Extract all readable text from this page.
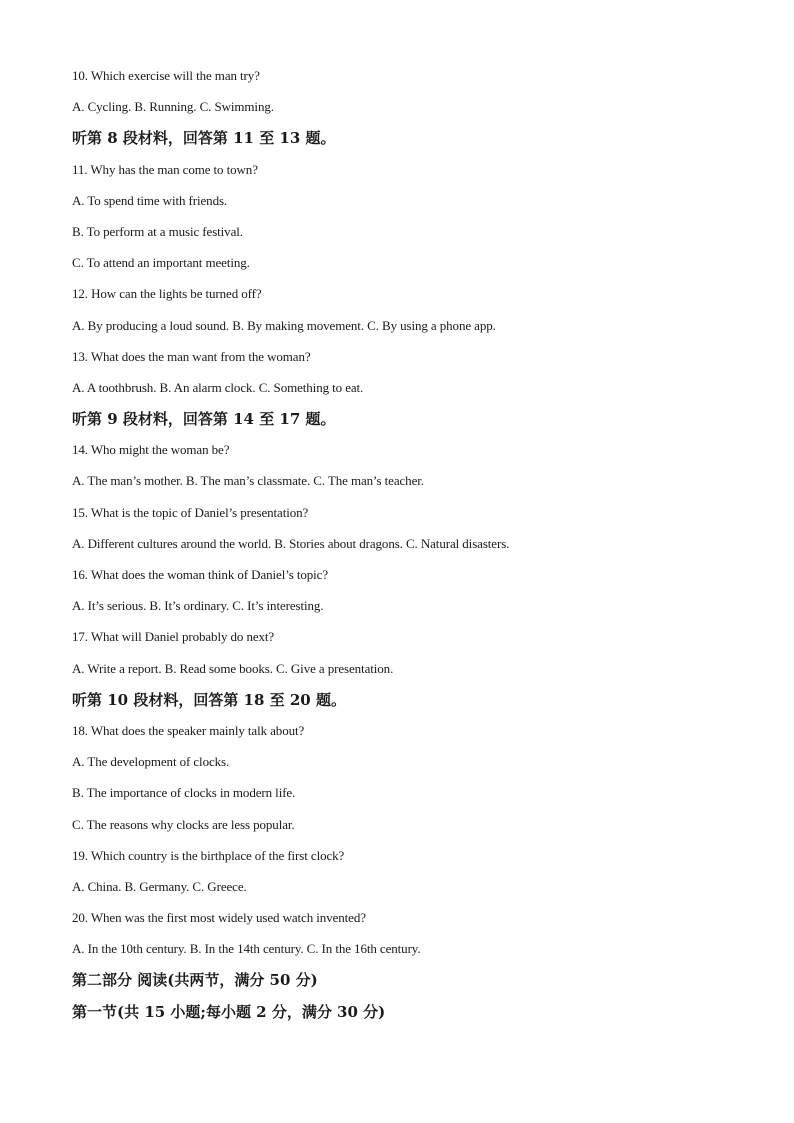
10. Which exercise will the man try?
A. Cycling. B. Running. C. Swimming.
听第 8 段材料，回答第 11 至 13 题。
11. Why has the man come to town?
A. To spend time with friends.
B. To perform at a music festival.
C. To attend an important meeting.
12. How can the lights be turned off?
A. By producing a loud sound. B. By making movement. C. By using a phone app.
13. What does the man want from the woman?
A. A toothbrush. B. An alarm clock. C. Something to eat.
听第 9 段材料，回答第 14 至 17 题。
14. Who might the woman be?
A. The man’s mother. B. The man’s classmate. C. The man’s teacher.
15. What is the topic of Daniel’s presentation?
A. Different cultures around the world. B. Stories about dragons. C. Natural disasters.
16. What does the woman think of Daniel’s topic?
A. It’s serious. B. It’s ordinary. C. It’s interesting.
17. What will Daniel probably do next?
A. Write a report. B. Read some books. C. Give a presentation.
听第 10 段材料，回答第 18 至 20 题。
18. What does the speaker mainly talk about?
A. The development of clocks.
B. The importance of clocks in modern life.
C. The reasons why clocks are less popular.
19. Which country is the birthplace of the first clock?
A. China. B. Germany. C. Greece.
20. When was the first most widely used watch invented?
A. In the 10th century. B. In the 14th century. C. In the 16th century.
第二部分 阅读(共两节，满分 50 分)
第一节(共 15 小题;每小题 2 分，满分 30 分)
